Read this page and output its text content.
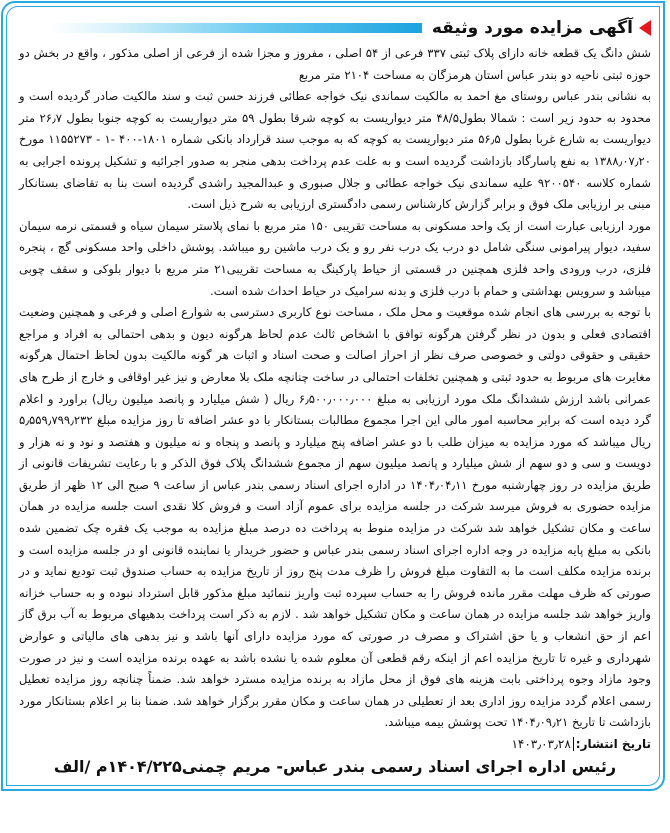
آگهی مزایده مورد وثیقه

شش دانگ یک قطعه خانه دارای پلاک ثبتی ۳۳۷ فرعی از ۵۴ اصلی ، مفروز و مجزا شده از فرعی از اصلی مذکور ، واقع در بخش دو حوزه ثبتی ناحیه دو بندر عباس استان هرمزگان به مساحت ۲۱۰۴ متر مربع

به نشانی بندر عباس روستای مغ احمد به مالکیت سماندی نیک خواجه عطائی فرزند حسن ثبت و سند مالکیت صادر گردیده است و محدود به حدود زیر است : شمالا بطول۴۸/۵ متر دیواریست به کوچه شرقا بطول ۵۹ متر دیواریست به کوچه جنوبا بطول ۲۶٫۷ متر دیواریست به شارع غربا بطول ۵۶٫۵ متر دیواریست به کوچه که به موجب سند قرارداد بانکی شماره ۱۸۰۱-۴۰۰ -۱ - ۱۱۵۵۲۷۳ مورخ ۱۳۸۸٫۰۷٫۲۰ به نفع پاسارگاد بازداشت گردیده است و به علت عدم پرداخت بدهی منجر به صدور اجرائیه و تشکیل پرونده اجرایی به شماره کلاسه ۹۲۰۰۵۴۰ علیه سماندی نیک خواجه عطائی و جلال صبوری و عبدالمجید راشدی گردیده است بنا به تقاضای بستانکار مبنی بر ارزیابی ملک فوق و برابر گزارش کارشناس رسمی دادگستری ارزیابی به شرح ذیل است.

مورد ارزیابی عبارت است از یک واحد مسکونی به مساحت تقریبی ۱۵۰ متر مربع با نمای پلاستر سیمان سیاه و قسمتی نرمه سیمان سفید، دیوار پیرامونی سنگی شامل دو درب یک درب نفر رو و یک درب ماشین رو میباشد. پوشش داخلی واحد مسکونی گچ ، پنجره فلزی، درب ورودی واحد فلزی همچنین در قسمتی از حیاط پارکینگ به مساحت تقریبی۲۱ متر مربع با دیوار بلوکی و سقف چوبی میباشد و سرویس بهداشتی و حمام با درب فلزی و بدنه سرامیک در حیاط احداث شده است.

با توجه به بررسی های انجام شده موقعیت و محل ملک ، مساحت نوع کاربری دسترسی به شوارع اصلی و فرعی و همچنین وضعیت اقتصادی فعلی و بدون در نظر گرفتن هرگونه توافق با اشخاص ثالث عدم لحاظ هرگونه دیون و بدهی احتمالی به افراد و مراجع حقیقی و حقوقی دولتی و خصوصی صرف نظر از احراز اصالت و صحت اسناد و اثبات هر گونه مالکیت بدون لحاظ احتمال هرگونه مغایرت های مربوط به حدود ثبتی و همچنین تخلفات احتمالی در ساخت چنانچه ملک بلا معارض و نیز غیر اوقافی و خارج از طرح های عمرانی باشد ارزش ششدانگ ملک مورد ارزیابی به مبلغ ۶٫۵۰۰٫۰۰۰٫۰۰۰ ریال ( شش میلیارد و پانصد میلیون ریال) براورد و اعلام گرد دیده است که برابر محاسبه امور مالی این اجرا مجموع مطالبات بستانکار با دو عشر اضافه تا روز مزایده مبلغ ۵٫۵۵۹٫۷۹۹٫۲۳۲ ریال میباشد که مورد مزایده به میزان طلب با دو عشر اضافه پنج میلیارد و پانصد و پنجاه و نه میلیون و هفتصد و نود و نه هزار و دویست و سی و دو سهم از شش میلیارد و پانصد میلیون سهم از مجموع ششدانگ پلاک فوق الذکر و با رعایت تشریفات قانونی از طریق مزایده در روز چهارشنبه مورخ ۱۴۰۴٫۰۴٫۱۱ در اداره اجرای اسناد رسمی بندر عباس از ساعت ۹ صبح الی ۱۲ ظهر از طریق مزایده حضوری به فروش میرسد شرکت در جلسه مزایده برای عموم آزاد است و فروش کلا نقدی است جلسه مزایده در همان ساعت و مکان تشکیل خواهد شد شرکت در مزایده منوط به پرداخت ده درصد مبلغ مزایده به موجب یک فقره چک تضمین شده بانکی به مبلغ پایه مزایده در وجه اداره اجرای اسناد رسمی بندر عباس و حضور خریدار یا نماینده قانونی او در جلسه مزایده است و برنده مزایده مکلف است ما به التفاوت مبلغ فروش را ظرف مدت پنج روز از تاریخ مزایده به حساب صندوق ثبت تودیع نماید و در صورتی که ظرف مهلت مقرر مانده فروش را به حساب سپرده ثبت واریز ننمائید مبلغ مذکور قابل استرداد نبوده و به حساب خزانه واریز خواهد شد جلسه مزایده در همان ساعت و مکان تشکیل خواهد شد . لازم به ذکر است پرداخت بدهیهای مربوط به آب برق گاز اعم از حق انشعاب و یا حق اشتراک و مصرف در صورتی که مورد مزایده دارای آنها باشد و نیز بدهی های مالیاتی و عوارض شهرداری و غیره تا تاریخ مزایده اعم از اینکه رقم قطعی آن معلوم شده یا نشده باشد به عهده برنده مزایده است و نیز در صورت وجود مازاد وجوه پرداختی بابت هزینه های فوق از محل مازاد به برنده مزایده مسترد خواهد شد. ضمناً چنانچه روز مزایده تعطیل رسمی اعلام گردد مزایده روز اداری بعد از تعطیلی در همان ساعت و مکان مقرر برگزار خواهد شد. ضمنا بنا بر اعلام بستانکار مورد بازداشت تا تاریخ ۱۴۰۴٫۰۹٫۲۱ تحت پوشش بیمه میباشد.

تاریخ انتشار:۱۴۰۳٫۰۳٫۲۸
رئیس اداره اجرای اسناد رسمی بندر عباس- مریم چمنی۱۴۰۴/۲۲۵م /الف
